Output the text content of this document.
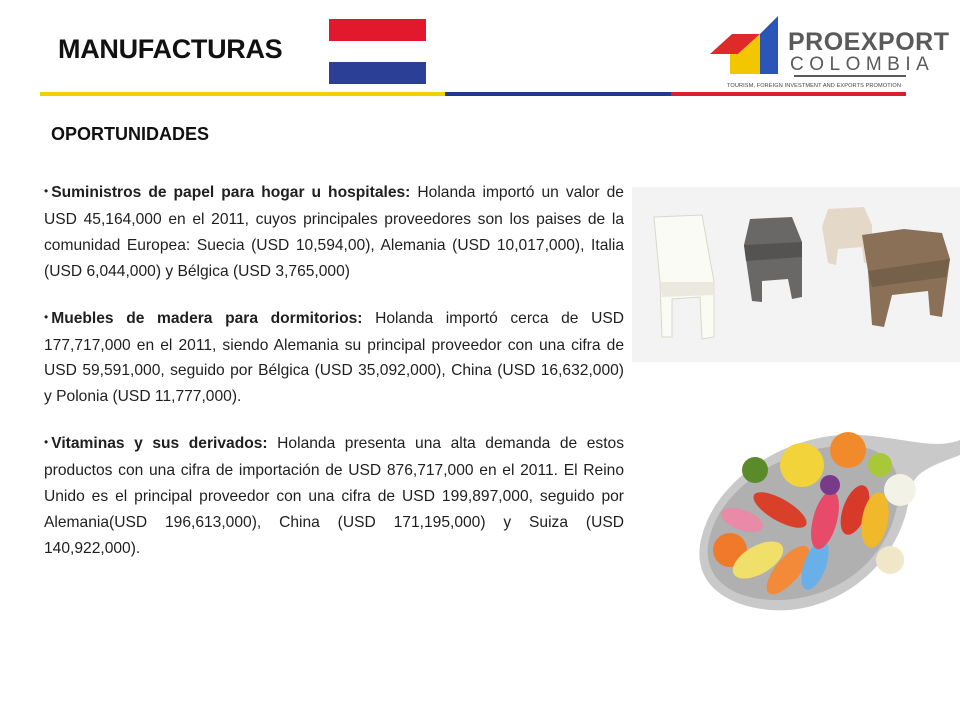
MANUFACTURAS	PROEXPORT
COLOMBIA
TOURISM, FOREIGN INVESTMENT AND EXPORTS PROMOTION
OPORTUNIDADES

• Suministros de papel para hogar u hospitales: Holanda importó un valor de USD 45,164,000 en el 2011, cuyos principales proveedores son los paises de la comunidad Europea: Suecia (USD 10,594,00), Alemania (USD 10,017,000), Italia (USD 6,044,000) y Bélgica (USD 3,765,000)

• Muebles de madera para dormitorios: Holanda importó cerca de USD 177,717,000 en el 2011, siendo Alemania su principal proveedor con una cifra de USD 59,591,000, seguido por Bélgica (USD 35,092,000), China (USD 16,632,000) y Polonia (USD 11,777,000).

• Vitaminas y sus derivados: Holanda presenta una alta demanda de estos productos con una cifra de importación de USD 876,717,000 en el 2011. El Reino Unido es el principal proveedor con una cifra de USD 199,897,000, seguido por Alemania(USD 196,613,000), China (USD 171,195,000) y Suiza (USD 140,922,000).
